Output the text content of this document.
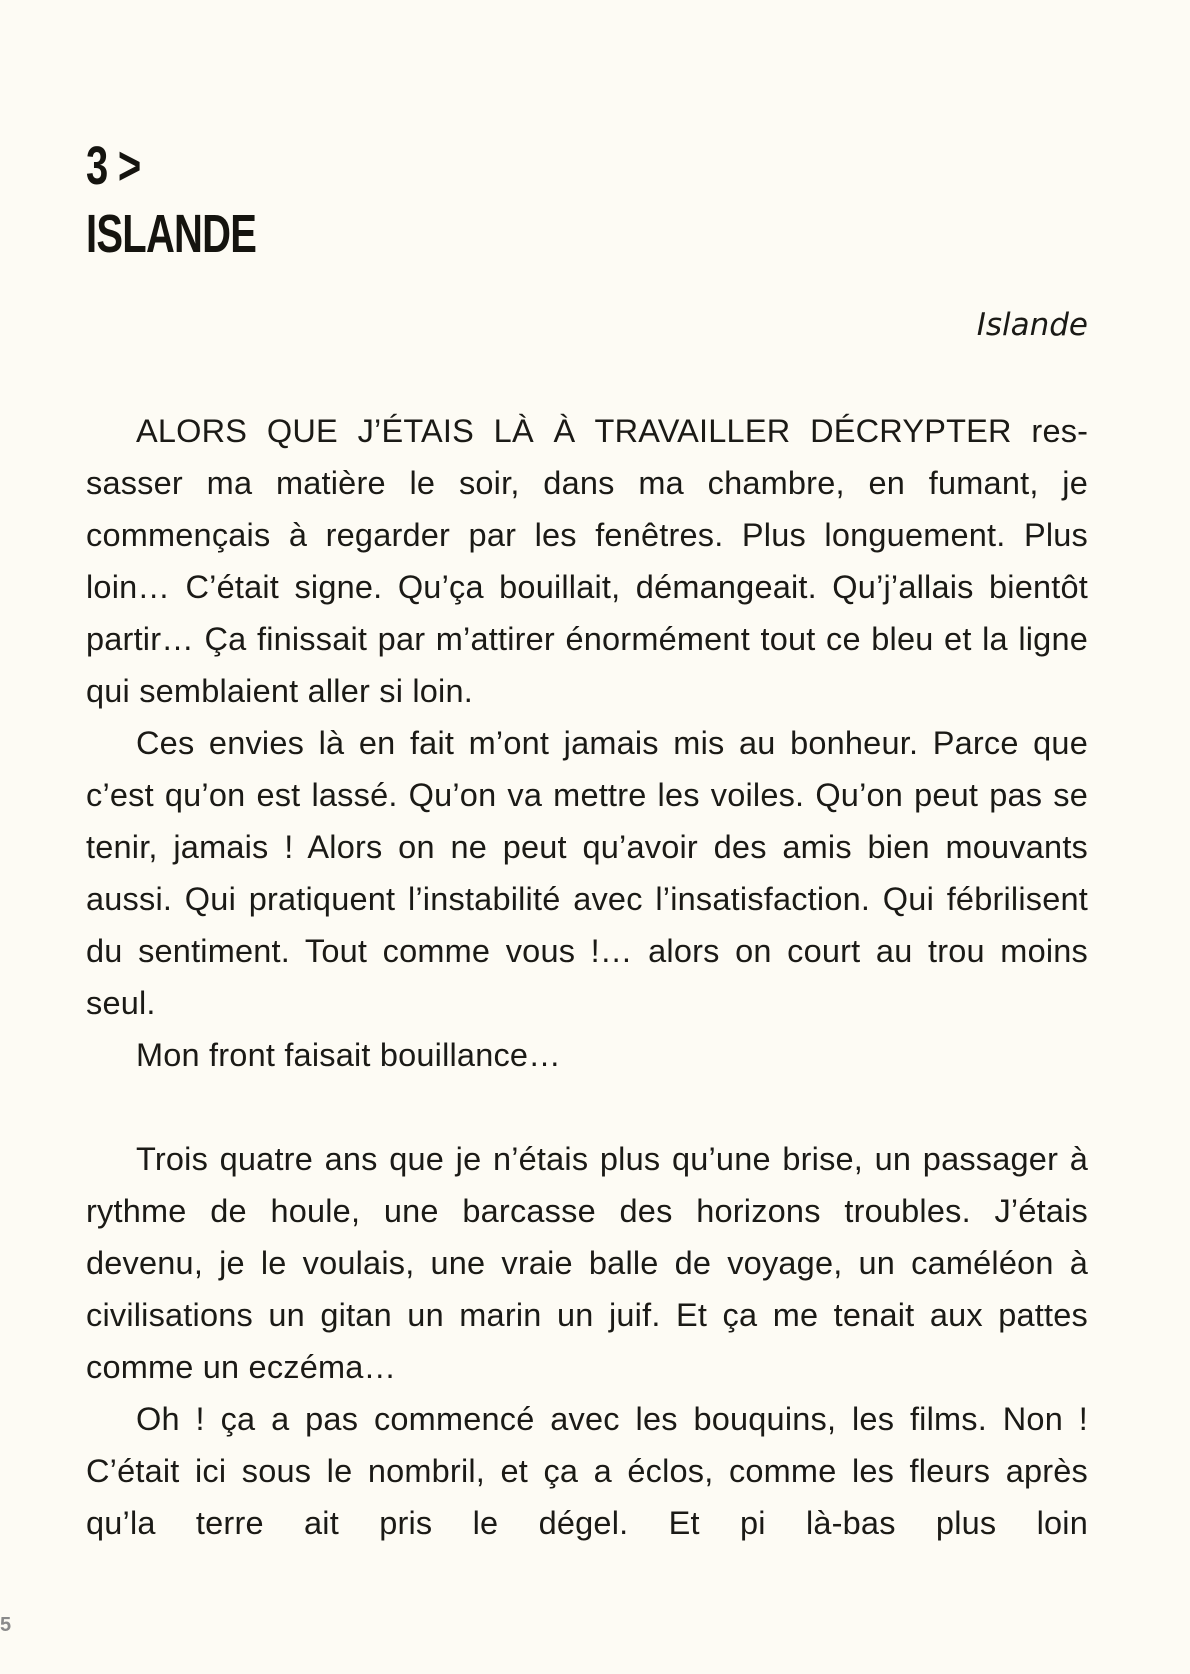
3 >
ISLANDE

Islande

ALORS QUE J’ÉTAIS LÀ À TRAVAILLER DÉCRYPTER ressasser ma matière le soir, dans ma chambre, en fumant, je commençais à regarder par les fenêtres. Plus longuement. Plus loin… C’était signe. Qu’ça bouillait, démangeait. Qu’j’allais bientôt partir… Ça finissait par m’attirer énormément tout ce bleu et la ligne qui semblaient aller si loin.

Ces envies là en fait m’ont jamais mis au bonheur. Parce que c’est qu’on est lassé. Qu’on va mettre les voiles. Qu’on peut pas se tenir, jamais ! Alors on ne peut qu’avoir des amis bien mouvants aussi. Qui pratiquent l’instabilité avec l’insatisfaction. Qui fébrilisent du sentiment. Tout comme vous !… alors on court au trou moins seul.

Mon front faisait bouillance…

Trois quatre ans que je n’étais plus qu’une brise, un passager à rythme de houle, une barcasse des horizons troubles. J’étais devenu, je le voulais, une vraie balle de voyage, un caméléon à civilisations un gitan un marin un juif. Et ça me tenait aux pattes comme un eczéma…

Oh ! ça a pas commencé avec les bouquins, les films. Non ! C’était ici sous le nombril, et ça a éclos, comme les fleurs après qu’la terre ait pris le dégel. Et pi là-bas plus loin

5
